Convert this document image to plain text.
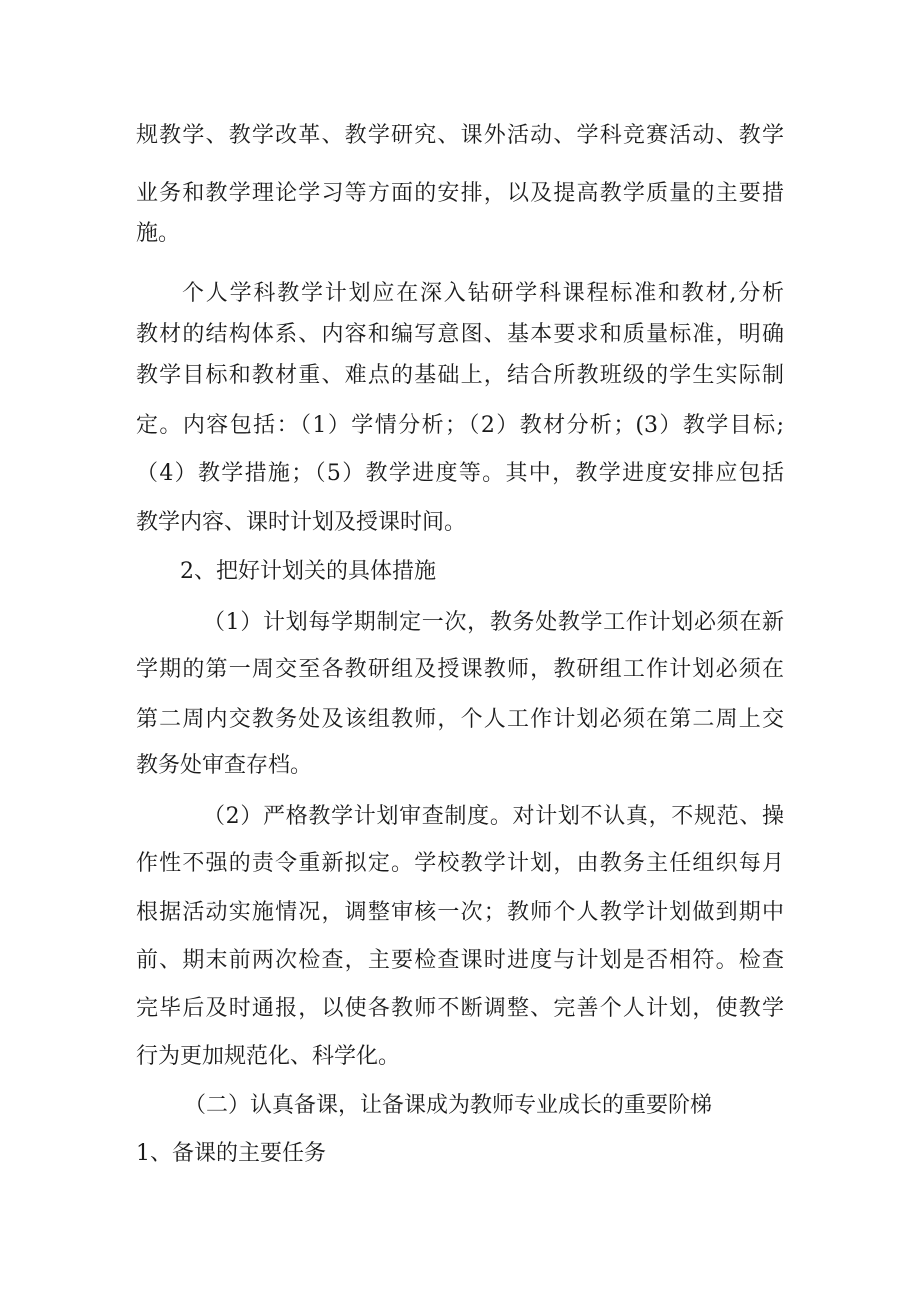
规教学、教学改革、教学研究、课外活动、学科竞赛活动、教学
业务和教学理论学习等方面的安排，以及提高教学质量的主要措
施。
个人学科教学计划应在深入钻研学科课程标准和教材,分析
教材的结构体系、内容和编写意图、基本要求和质量标准，明确
教学目标和教材重、难点的基础上，结合所教班级的学生实际制
定。内容包括：（1）学情分析；（2）教材分析；(3）教学目标;
（4）教学措施；（5）教学进度等。其中，教学进度安排应包括
教学内容、课时计划及授课时间。
2、把好计划关的具体措施
（1）计划每学期制定一次，教务处教学工作计划必须在新
学期的第一周交至各教研组及授课教师，教研组工作计划必须在
第二周内交教务处及该组教师，个人工作计划必须在第二周上交
教务处审查存档。
（2）严格教学计划审查制度。对计划不认真，不规范、操
作性不强的责令重新拟定。学校教学计划，由教务主任组织每月
根据活动实施情况，调整审核一次；教师个人教学计划做到期中
前、期末前两次检查，主要检查课时进度与计划是否相符。检查
完毕后及时通报，以使各教师不断调整、完善个人计划，使教学
行为更加规范化、科学化。
（二）认真备课，让备课成为教师专业成长的重要阶梯
1、备课的主要任务
